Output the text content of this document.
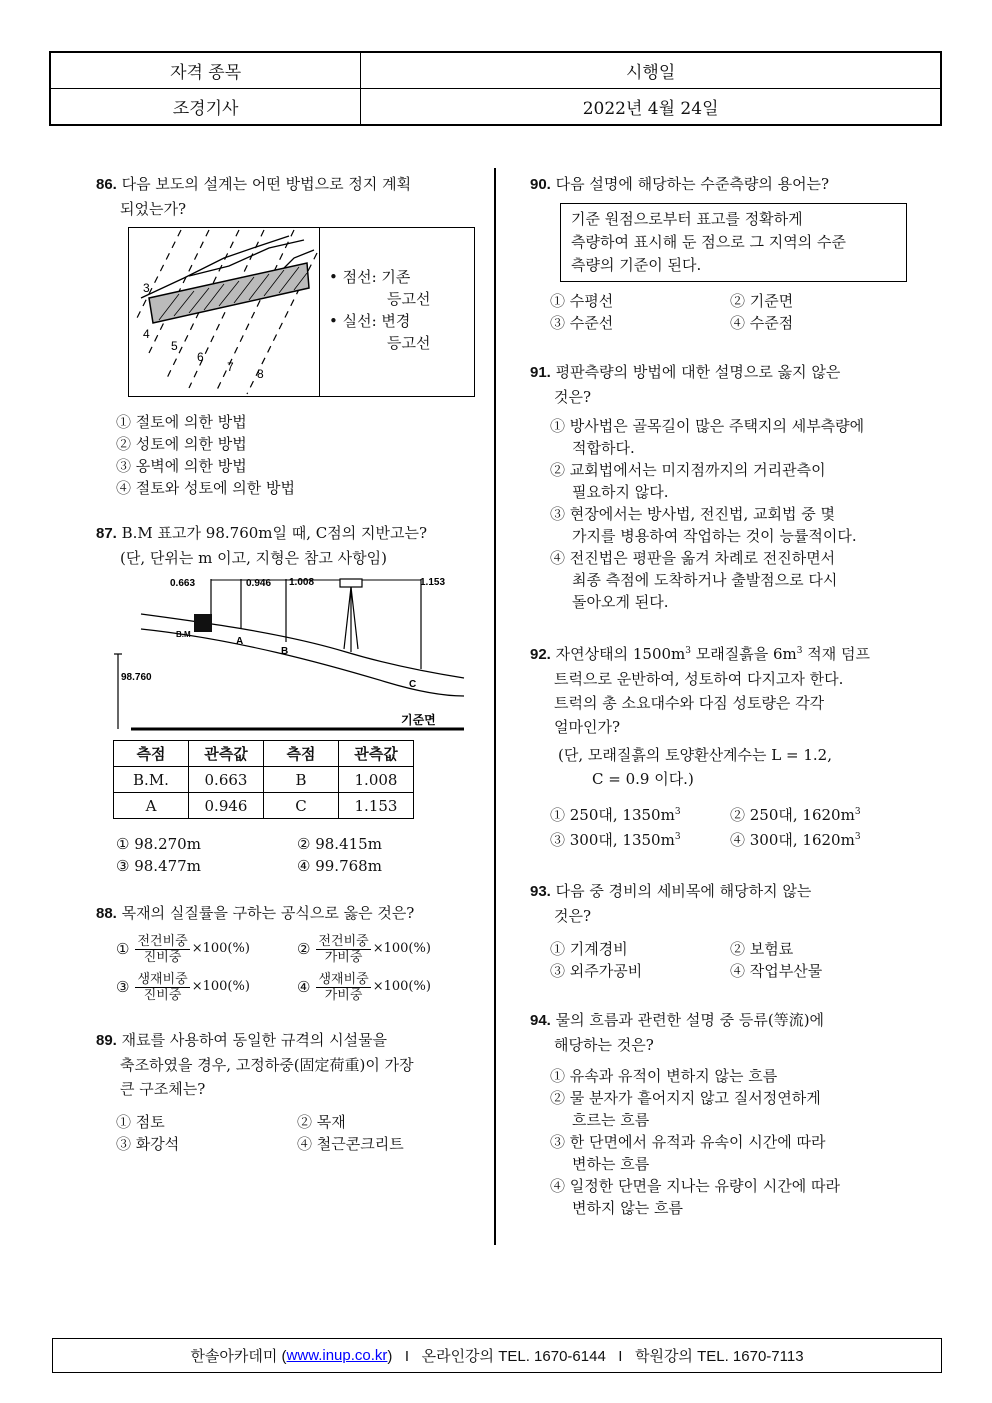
자격 종목	시행일
조경기사	2022년 4월 24일
86. 다음 보도의 설계는 어떤 방법으로 정지 계획
되었는가?
3
4
5
6
7 8
• 점선: 기존
등고선
• 실선: 변경
등고선
① 절토에 의한 방법
② 성토에 의한 방법
③ 옹벽에 의한 방법
④ 절토와 성토에 의한 방법
87. B.M 표고가 98.760m일 때, C점의 지반고는?
(단, 단위는 m 이고, 지형은 참고 사항임)
0.663	0.946 1.008	1.153
B.M
A
B
C
98.760
기준면
측점	관측값	측점	관측값
B.M.	0.663	B	1.008
A	0.946	C	1.153
① 98.270m	② 98.415m
③ 98.477m	④ 99.768m
88. 목재의 실질률을 구하는 공식으로 옳은 것은?
① $\frac{\text{전건비중}}{\text{진비중}} \times 100(\%)$	② $\frac{\text{전건비중}}{\text{가비중}} \times 100(\%)$
③ $\frac{\text{생재비중}}{\text{진비중}} \times 100(\%)$	④ $\frac{\text{생재비중}}{\text{가비중}} \times 100(\%)$
89. 재료를 사용하여 동일한 규격의 시설물을
축조하였을 경우, 고정하중(固定荷重)이 가장
큰 구조체는?
① 점토	② 목재
③ 화강석	④ 철근콘크리트
90. 다음 설명에 해당하는 수준측량의 용어는?
기준 원점으로부터 표고를 정확하게
측량하여 표시해 둔 점으로 그 지역의 수준
측량의 기준이 된다.
① 수평선	② 기준면
③ 수준선	④ 수준점
91. 평판측량의 방법에 대한 설명으로 옳지 않은
것은?
① 방사법은 골목길이 많은 주택지의 세부측량에
적합하다.
② 교회법에서는 미지점까지의 거리관측이
필요하지 않다.
③ 현장에서는 방사법, 전진법, 교회법 중 몇
가지를 병용하여 작업하는 것이 능률적이다.
④ 전진법은 평판을 옮겨 차례로 전진하면서
최종 측점에 도착하거나 출발점으로 다시
돌아오게 된다.
92. 자연상태의 $1500m^3$ 모래질흙을 $6m^3$ 적재 덤프
트럭으로 운반하여, 성토하여 다지고자 한다.
트럭의 총 소요대수와 다짐 성토량은 각각
얼마인가?
(단, 모래질흙의 토양환산계수는 L = 1.2,
C = 0.9 이다.)
① 250대, $1350m^3$	② 250대, $1620m^3$
③ 300대, $1350m^3$	④ 300대, $1620m^3$
93. 다음 중 경비의 세비목에 해당하지 않는
것은?
① 기계경비	② 보험료
③ 외주가공비	④ 작업부산물
94. 물의 흐름과 관련한 설명 중 등류(等流)에
해당하는 것은?
① 유속과 유적이 변하지 않는 흐름
② 물 분자가 흩어지지 않고 질서정연하게
흐르는 흐름
③ 한 단면에서 유적과 유속이 시간에 따라
변하는 흐름
④ 일정한 단면을 지나는 유량이 시간에 따라
변하지 않는 흐름
한솔아카데미 ( www.inup.co.kr )   I   온라인강의 TEL. 1670-6144   I   학원강의 TEL. 1670-7113
